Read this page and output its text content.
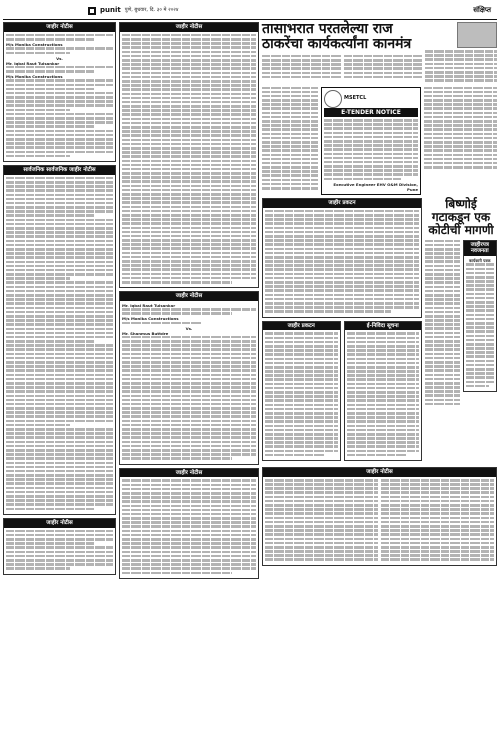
punit पुणे, बुधवार, दि. ३० मे २०२४	संक्षिप्त
जाहीर नोटीस
M/s Monika Constructions
Vs.
Mr. Iqbal Raut Tulsankar
M/s Monika Constructions
सार्वजनिक सार्वजनिक जाहीर नोटीस
जाहीर नोटीस
जाहीर नोटीस
जाहीर नोटीस
Mr. Iqbal Raut Tulsankar
M/s Monika Constructions
Vs.
Mr. Shanmus Buttdre
जाहीर नोटीस
तासाभरात परतलेल्या राज ठाकरेंचा कार्यकर्त्यांना कानमंत्र
MSETCL
E-TENDER NOTICE
Executive Engineer EHV O&M Division, Pune
जाहीर प्रकटन
जाहीर प्रकटन	ई-निविदा सूचना
बिष्णोई गटाकडून एक कोटीची मागणी
जाहीरपत्र नवजनता
कार्यकारी पत्रक
जाहीर नोटीस
